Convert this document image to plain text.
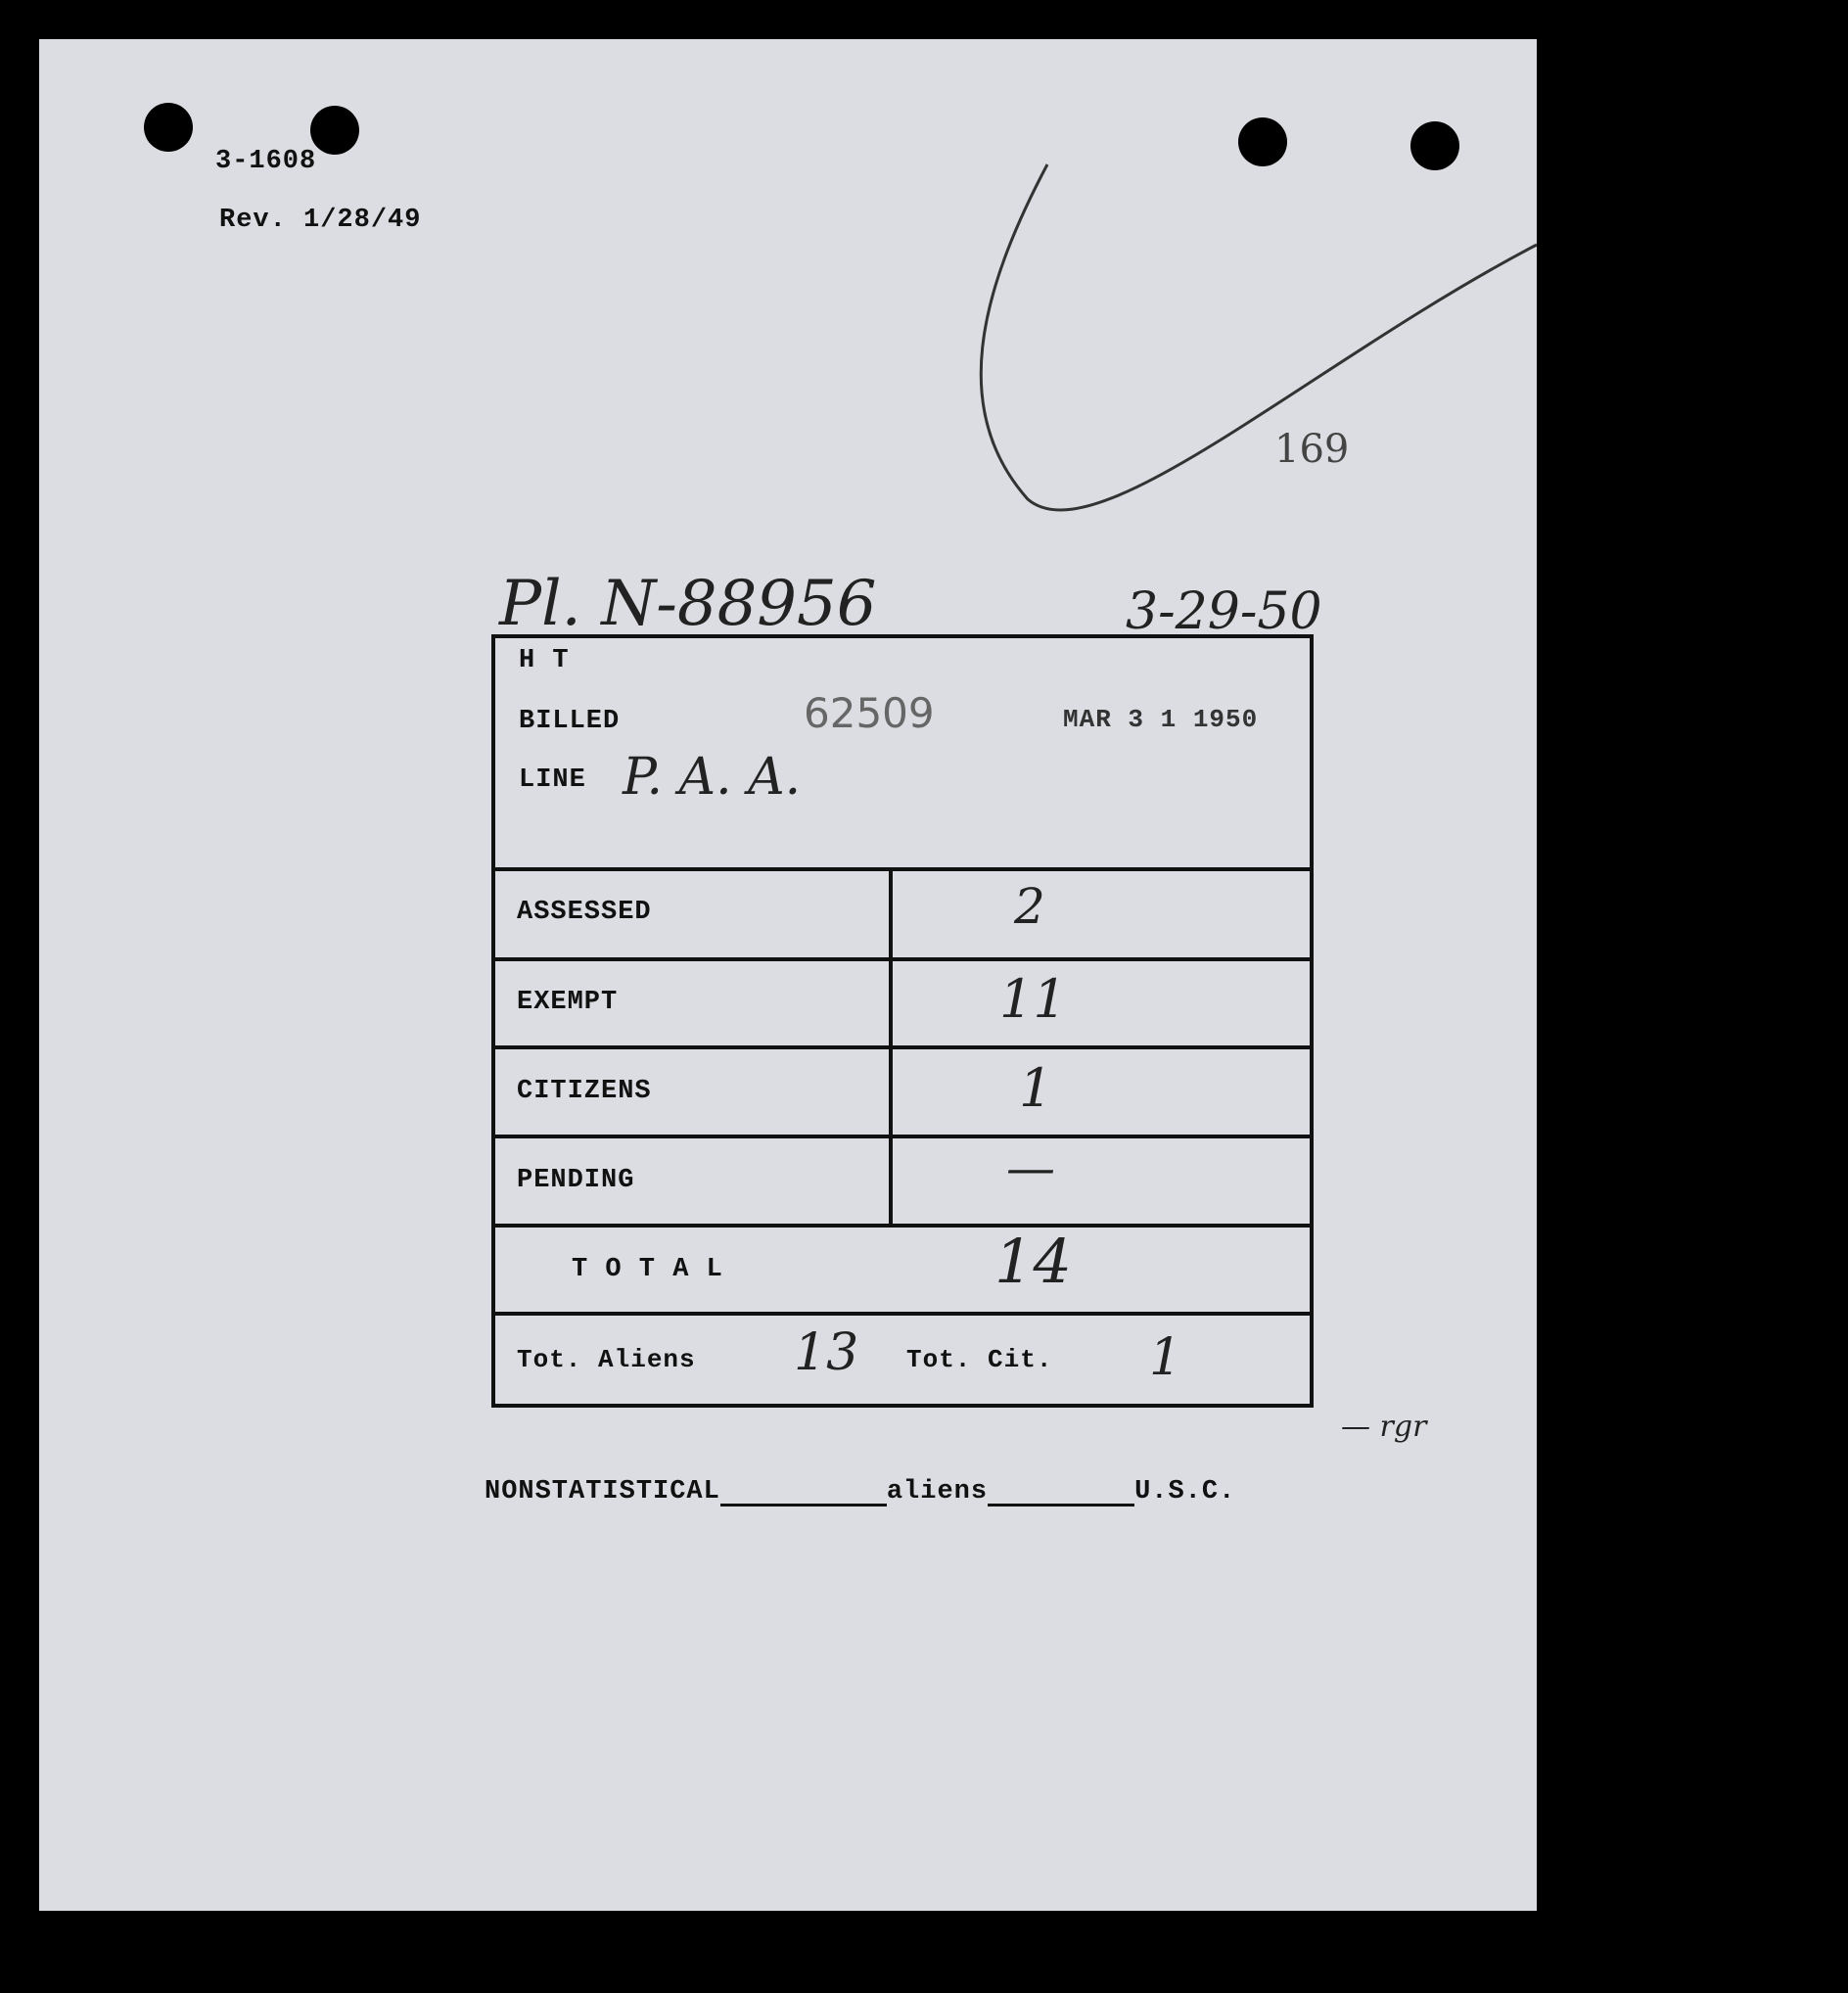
3-1608
Rev. 1/28/49
169
Pl. N-88956	3-29-50
H T
BILLED	62509	MAR 3 1 1950
LINE P. A. A.
ASSESSED	2
EXEMPT	11
CITIZENS	1
PENDING	—
T O T A L	14
Tot. Aliens 13 Tot. Cit. 1
— rgr
NONSTATISTICAL	aliens	U.S.C.
